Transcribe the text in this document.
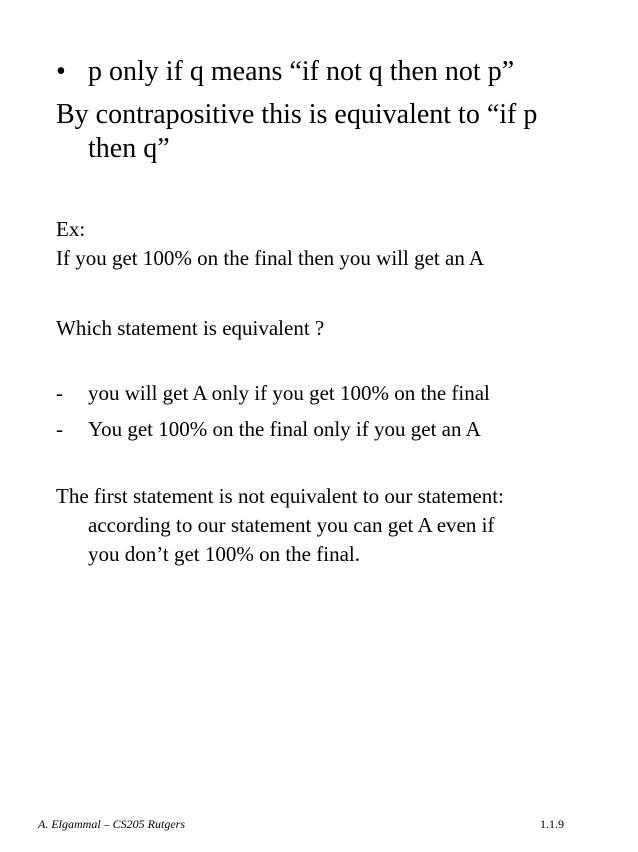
• p only if q means “if not q then not p”
By contrapositive this is equivalent to “if p
then q”
Ex:
If you get 100% on the final then you will get an A
Which statement is equivalent ?
- you will get A only if you get 100% on the final
- You get 100% on the final only if you get an A
The first statement is not equivalent to our statement:
according to our statement you can get A even if
you don’t get 100% on the final.
A. Elgammal – CS205 Rutgers	1.1.9
